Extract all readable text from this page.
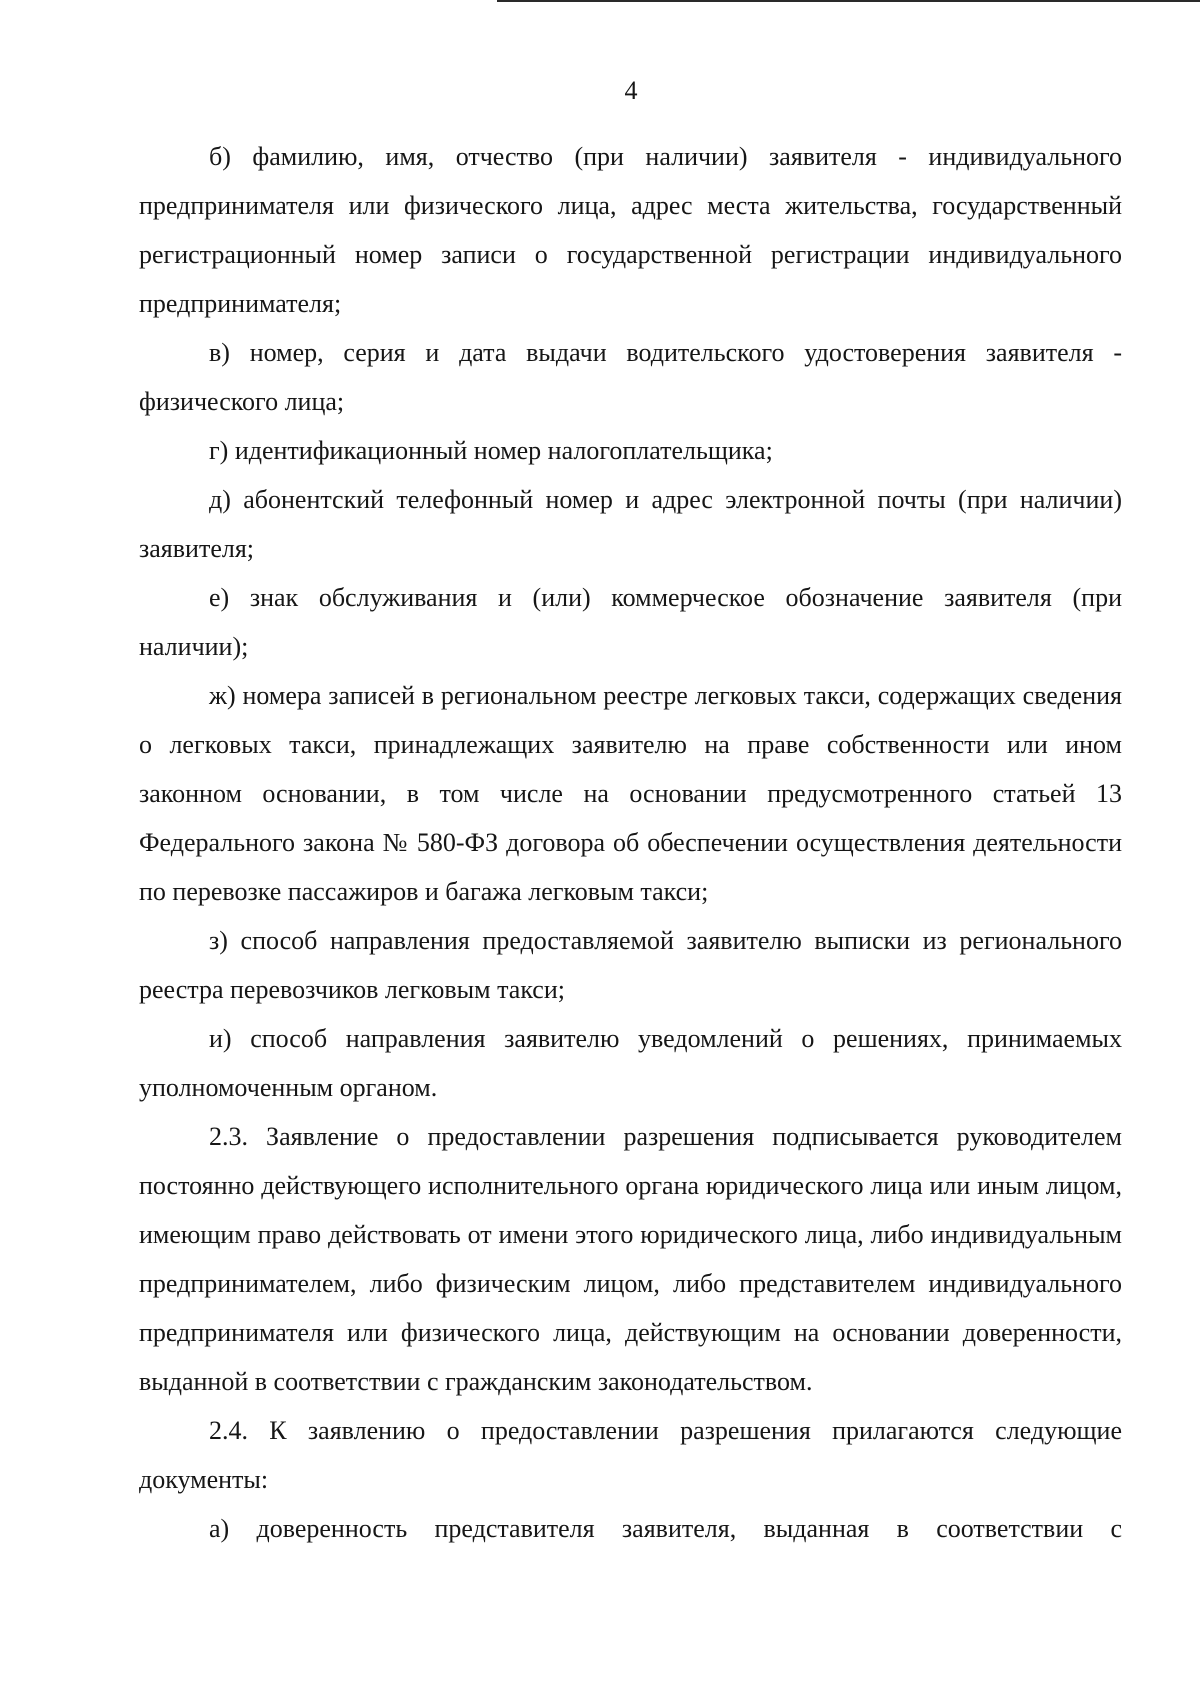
4

б) фамилию, имя, отчество (при наличии) заявителя - индивидуального предпринимателя или физического лица, адрес места жительства, государственный регистрационный номер записи о государственной регистрации индивидуального предпринимателя;

в) номер, серия и дата выдачи водительского удостоверения заявителя - физического лица;

г) идентификационный номер налогоплательщика;

д) абонентский телефонный номер и адрес электронной почты (при наличии) заявителя;

е) знак обслуживания и (или) коммерческое обозначение заявителя (при наличии);

ж) номера записей в региональном реестре легковых такси, содержащих сведения о легковых такси, принадлежащих заявителю на праве собственности или ином законном основании, в том числе на основании предусмотренного статьей 13 Федерального закона № 580-ФЗ договора об обеспечении осуществления деятельности по перевозке пассажиров и багажа легковым такси;

з) способ направления предоставляемой заявителю выписки из регионального реестра перевозчиков легковым такси;

и) способ направления заявителю уведомлений о решениях, принимаемых уполномоченным органом.

2.3. Заявление о предоставлении разрешения подписывается руководителем постоянно действующего исполнительного органа юридического лица или иным лицом, имеющим право действовать от имени этого юридического лица, либо индивидуальным предпринимателем, либо физическим лицом, либо представителем индивидуального предпринимателя или физического лица, действующим на основании доверенности, выданной в соответствии с гражданским законодательством.

2.4. К заявлению о предоставлении разрешения прилагаются следующие документы:

а) доверенность представителя заявителя, выданная в соответствии с
